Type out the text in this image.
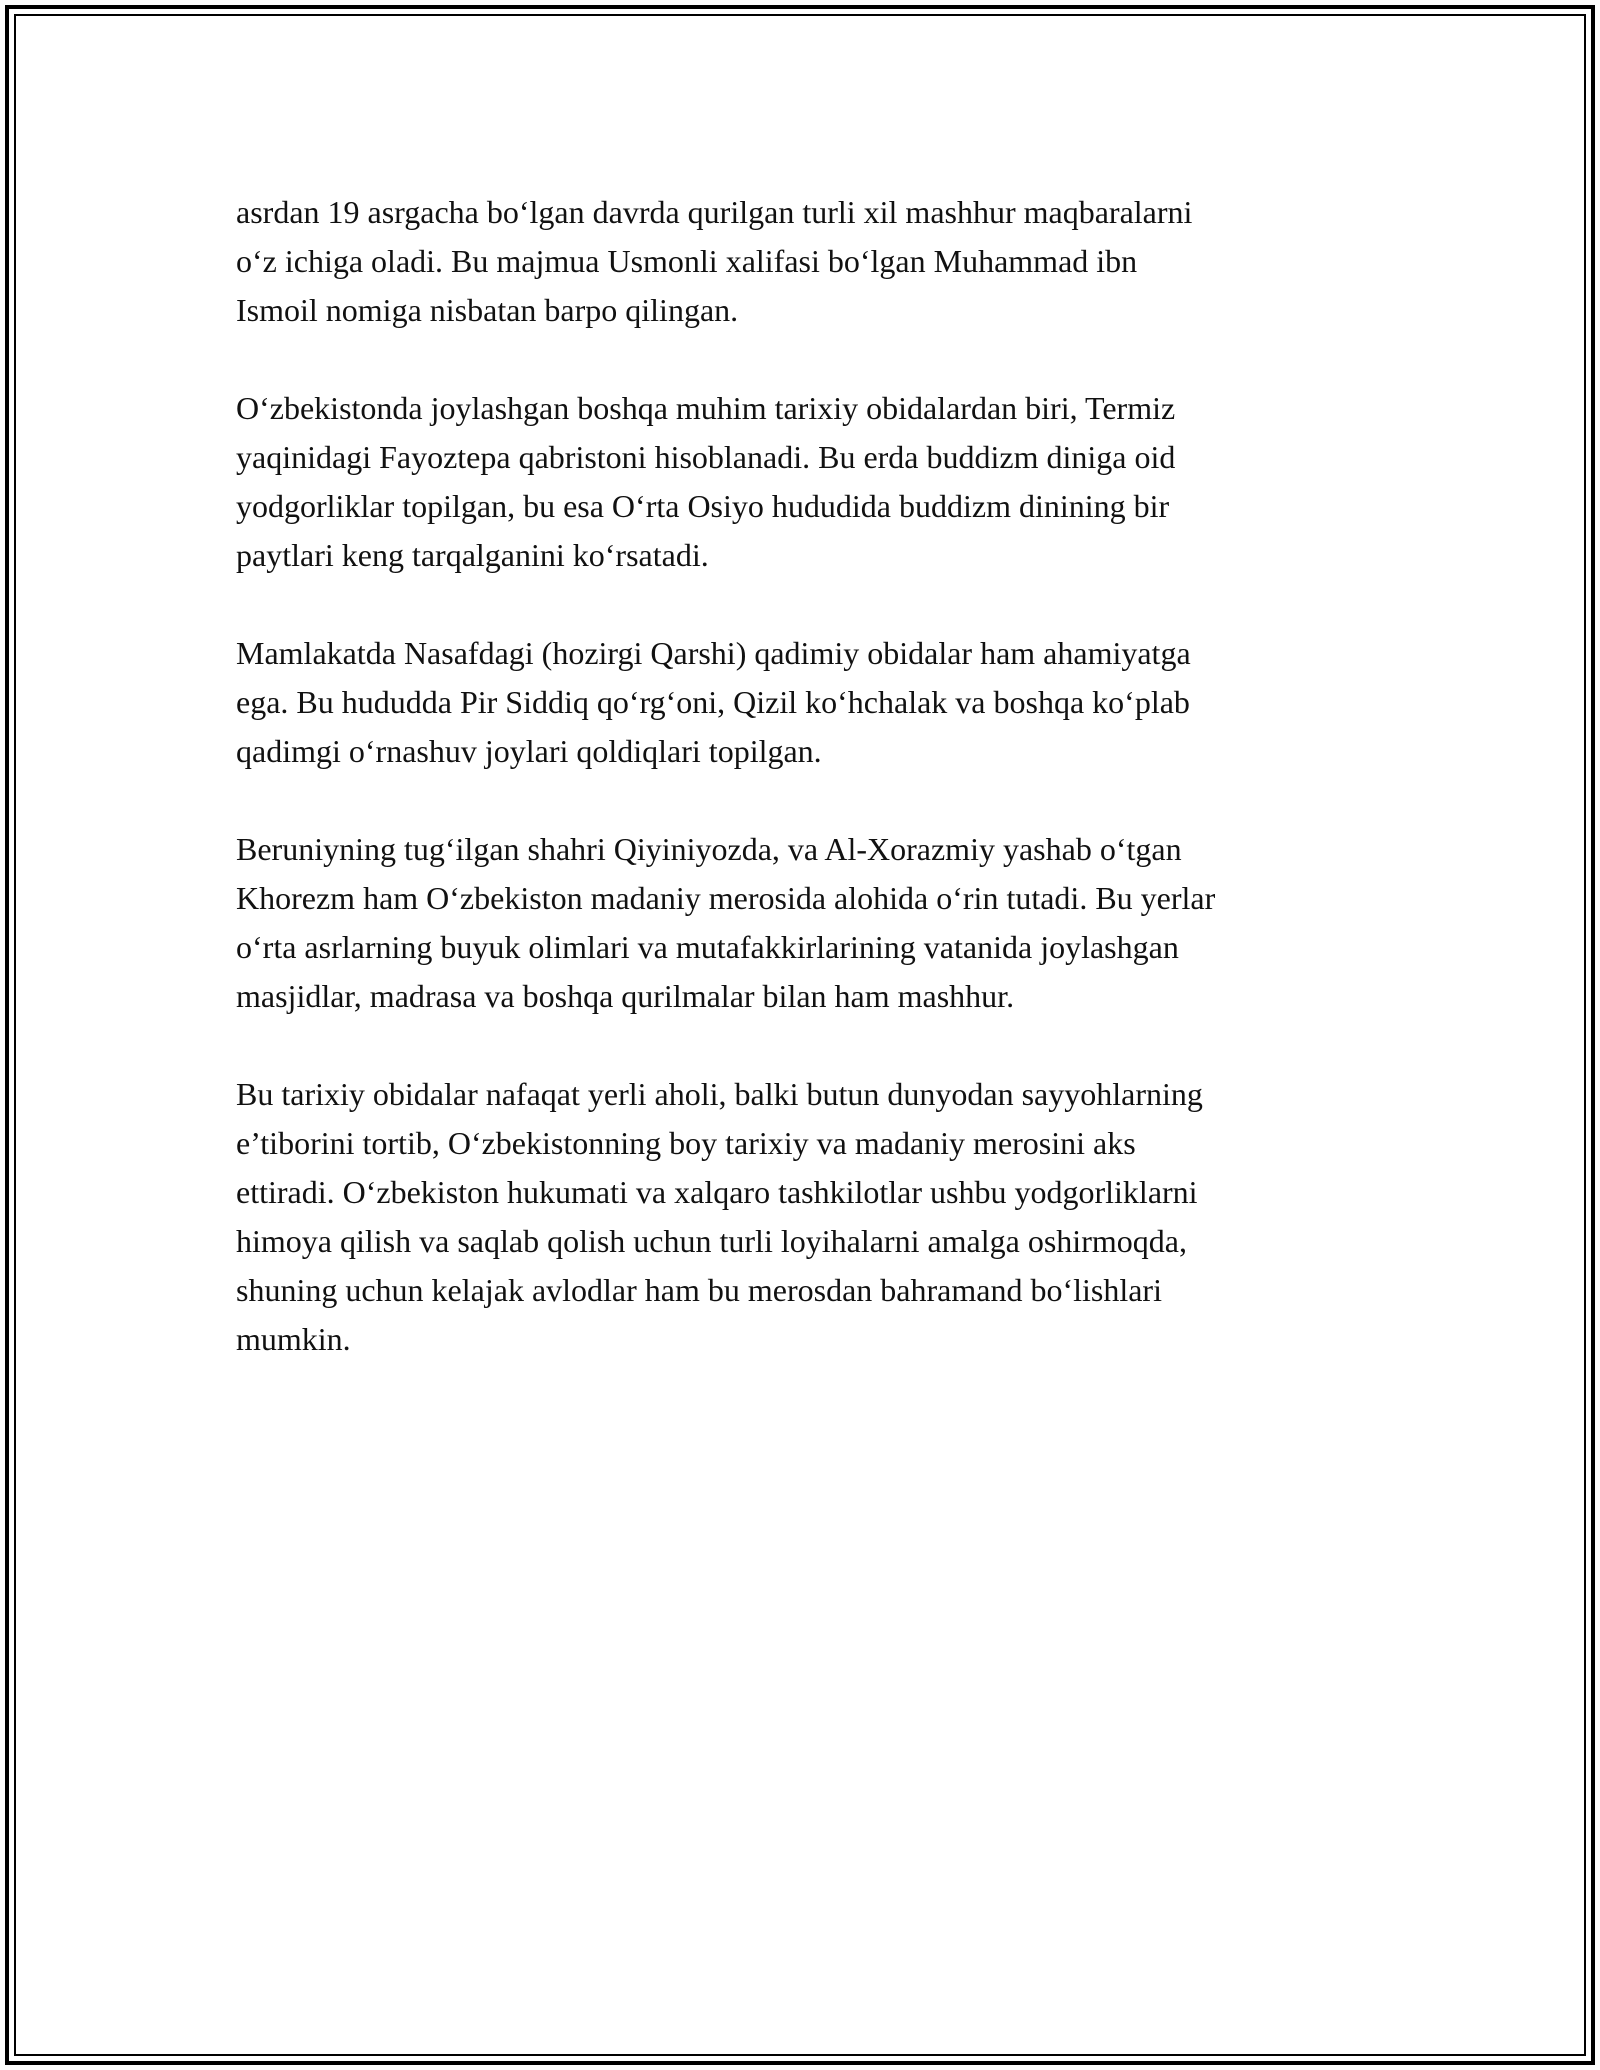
asrdan 19 asrgacha bo‘lgan davrda qurilgan turli xil mashhur maqbaralarni
o‘z ichiga oladi. Bu majmua Usmonli xalifasi bo‘lgan Muhammad ibn
Ismoil nomiga nisbatan barpo qilingan.

O‘zbekistonda joylashgan boshqa muhim tarixiy obidalardan biri, Termiz
yaqinidagi Fayoztepa qabristoni hisoblanadi. Bu erda buddizm diniga oid
yodgorliklar topilgan, bu esa O‘rta Osiyo hududida buddizm dinining bir
paytlari keng tarqalganini ko‘rsatadi.

Mamlakatda Nasafdagi (hozirgi Qarshi) qadimiy obidalar ham ahamiyatga
ega. Bu hududda Pir Siddiq qo‘rg‘oni, Qizil ko‘hchalak va boshqa ko‘plab
qadimgi o‘rnashuv joylari qoldiqlari topilgan.

Beruniyning tug‘ilgan shahri Qiyiniyozda, va Al-Xorazmiy yashab o‘tgan
Khorezm ham O‘zbekiston madaniy merosida alohida o‘rin tutadi. Bu yerlar
o‘rta asrlarning buyuk olimlari va mutafakkirlarining vatanida joylashgan
masjidlar, madrasa va boshqa qurilmalar bilan ham mashhur.

Bu tarixiy obidalar nafaqat yerli aholi, balki butun dunyodan sayyohlarning
e’tiborini tortib, O‘zbekistonning boy tarixiy va madaniy merosini aks
ettiradi. O‘zbekiston hukumati va xalqaro tashkilotlar ushbu yodgorliklarni
himoya qilish va saqlab qolish uchun turli loyihalarni amalga oshirmoqda,
shuning uchun kelajak avlodlar ham bu merosdan bahramand bo‘lishlari
mumkin.
